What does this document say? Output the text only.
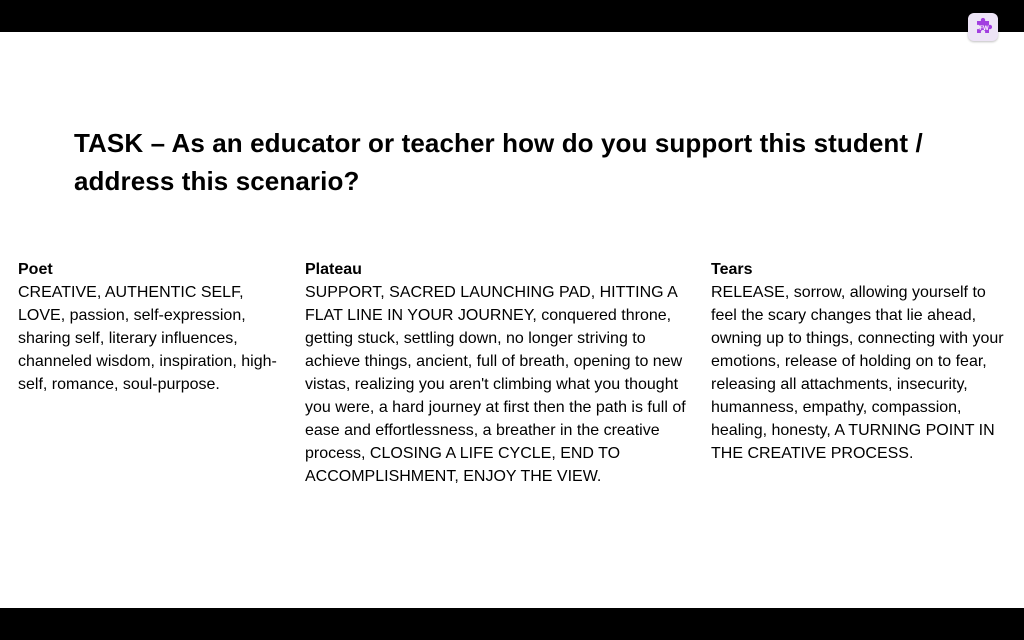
FW
TASK – As an educator or teacher how do you support this student / address this scenario?

Poet

CREATIVE, AUTHENTIC SELF, LOVE, passion, self-expression, sharing self, literary influences, channeled wisdom, inspiration, high-self, romance, soul-purpose.

Plateau

SUPPORT, SACRED LAUNCHING PAD, HITTING A FLAT LINE IN YOUR JOURNEY, conquered throne, getting stuck, settling down, no longer striving to achieve things, ancient, full of breath, opening to new vistas, realizing you aren't climbing what you thought you were, a hard journey at first then the path is full of ease and effortlessness, a breather in the creative process, CLOSING A LIFE CYCLE, END TO ACCOMPLISHMENT, ENJOY THE VIEW.

Tears

RELEASE, sorrow, allowing yourself to feel the scary changes that lie ahead, owning up to things, connecting with your emotions, release of holding on to fear, releasing all attachments, insecurity, humanness, empathy, compassion, healing, honesty, A TURNING POINT IN THE CREATIVE PROCESS.
